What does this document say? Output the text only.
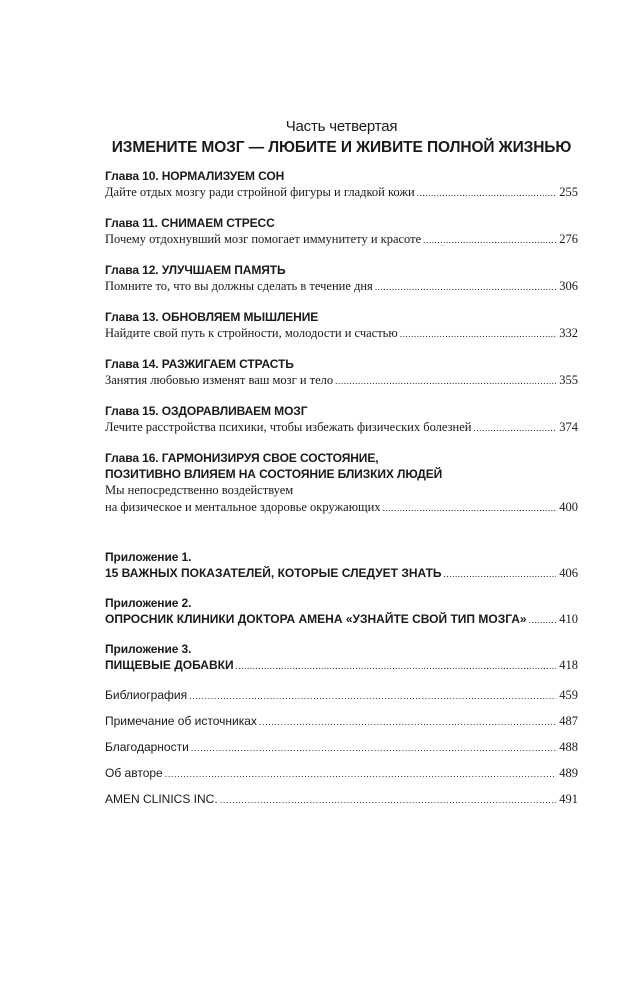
Часть четвертая

ИЗМЕНИТЕ МОЗГ — ЛЮБИТЕ И ЖИВИТЕ ПОЛНОЙ ЖИЗНЬЮ

Глава 10. НОРМАЛИЗУЕМ СОН
Дайте отдых мозгу ради стройной фигуры и гладкой кожи .....	255
Глава 11. СНИМАЕМ СТРЕСС
Почему отдохнувший мозг помогает иммунитету и красоте .....	276
Глава 12. УЛУЧШАЕМ ПАМЯТЬ
Помните то, что вы должны сделать в течение дня .....	306
Глава 13. ОБНОВЛЯЕМ МЫШЛЕНИЕ
Найдите свой путь к стройности, молодости и счастью .....	332
Глава 14. РАЗЖИГАЕМ СТРАСТЬ
Занятия любовью изменят ваш мозг и тело .....	355
Глава 15. ОЗДОРАВЛИВАЕМ МОЗГ
Лечите расстройства психики, чтобы избежать физических болезней .....	374
Глава 16. ГАРМОНИЗИРУЯ СВОЕ СОСТОЯНИЕ,
ПОЗИТИВНО ВЛИЯЕМ НА СОСТОЯНИЕ БЛИЗКИХ ЛЮДЕЙ
Мы непосредственно воздействуем
на физическое и ментальное здоровье окружающих .....	400
Приложение 1.
15 ВАЖНЫХ ПОКАЗАТЕЛЕЙ, КОТОРЫЕ СЛЕДУЕТ ЗНАТЬ .....	406
Приложение 2.
ОПРОСНИК КЛИНИКИ ДОКТОРА АМЕНА «УЗНАЙТЕ СВОЙ ТИП МОЗГА» .....	410
Приложение 3.
ПИЩЕВЫЕ ДОБАВКИ .....	418
Библиография .....	459
Примечание об источниках .....	487
Благодарности .....	488
Об авторе .....	489
AMEN CLINICS INC. .....	491
